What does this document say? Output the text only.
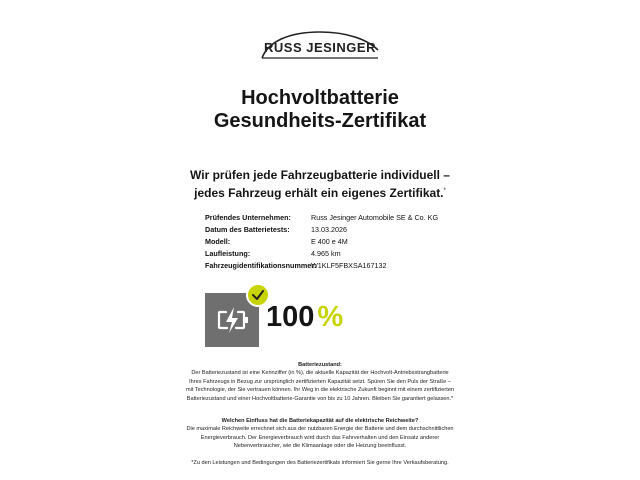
RUSS JESINGER
Hochvoltbatterie
Gesundheits-Zertifikat
Wir prüfen jede Fahrzeugbatterie individuell –
jedes Fahrzeug erhält ein eigenes Zertifikat.*
Prüfendes Unternehmen:	Russ Jesinger Automobile SE & Co. KG
Datum des Batterietests:	13.03.2026
Modell:	E 400 e 4M
Laufleistung:	4.965 km
Fahrzeugidentifikationsnummer:
W1KLF5FBXSA167132
100 %
Batteriezustand:
Der Batteriezustand ist eine Kennziffer (in %), die aktuelle Kapazität der Hochvolt-Antriebsstrangbatterie
Ihres Fahrzeugs in Bezug zur ursprünglich zertifizierten Kapazität setzt. Spüren Sie den Puls der Straße –
mit Technologie, der Sie vertrauen können. Ihr Weg in die elektrische Zukunft beginnt mit einem zertifizierten
Batteriezustand und einer Hochvoltbatterie-Garantie von bis zu 10 Jahren. Bleiben Sie garantiert gelassen.*
Welchen Einfluss hat die Batteriekapazität auf die elektrische Reichweite?
Die maximale Reichweite errechnet sich aus der nutzbaren Energie der Batterie und dem durchschnittlichen
Energieverbrauch. Der Energieverbrauch wird durch das Fahrverhalten und den Einsatz anderer
Nebenverbraucher, wie die Klimaanlage oder die Heizung beeinflusst.
*Zu den Leistungen und Bedingungen des Batteriezertifikats informiert Sie gerne Ihre Verkaufsberatung.
